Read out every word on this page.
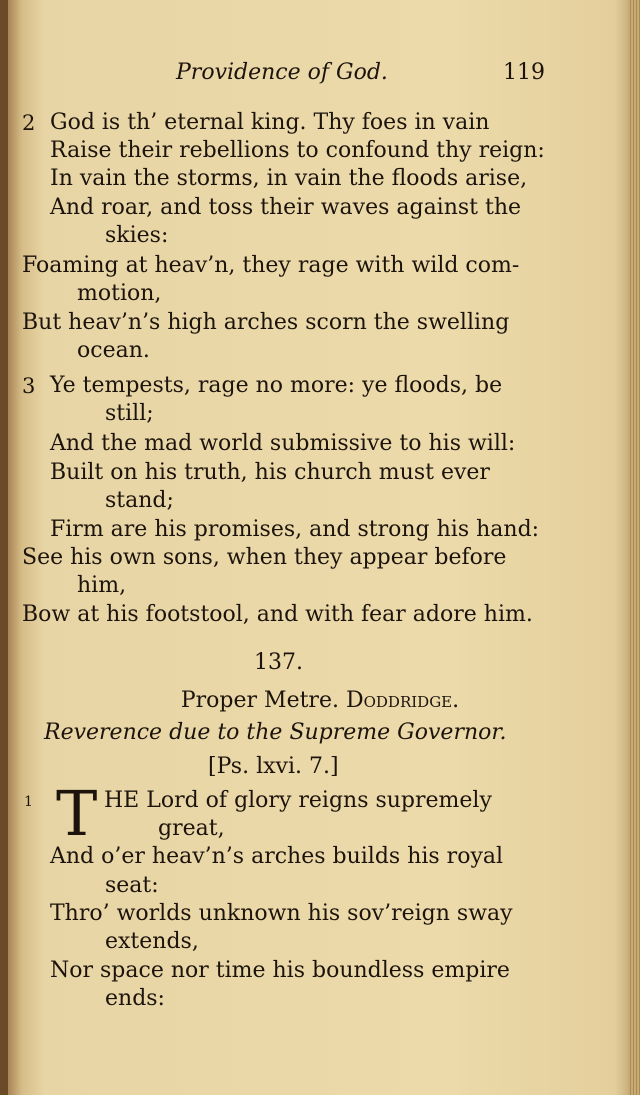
Providence of God.	119
2 God is th’ eternal king. Thy foes in vain
Raise their rebellions to confound thy reign:
In vain the storms, in vain the floods arise,
And roar, and toss their waves against the
skies:
Foaming at heav’n, they rage with wild com-
motion,
But heav’n’s high arches scorn the swelling
ocean.
3 Ye tempests, rage no more: ye floods, be
still;
And the mad world submissive to his will:
Built on his truth, his church must ever
stand;
Firm are his promises, and strong his hand:
See his own sons, when they appear before
him,
Bow at his footstool, and with fear adore him.
137.
Proper Metre. Doddridge.
Reverence due to the Supreme Governor.
[Ps. lxvi. 7.]
1 T HE Lord of glory reigns supremely
great,
And o’er heav’n’s arches builds his royal
seat:
Thro’ worlds unknown his sov’reign sway
extends,
Nor space nor time his boundless empire
ends:
